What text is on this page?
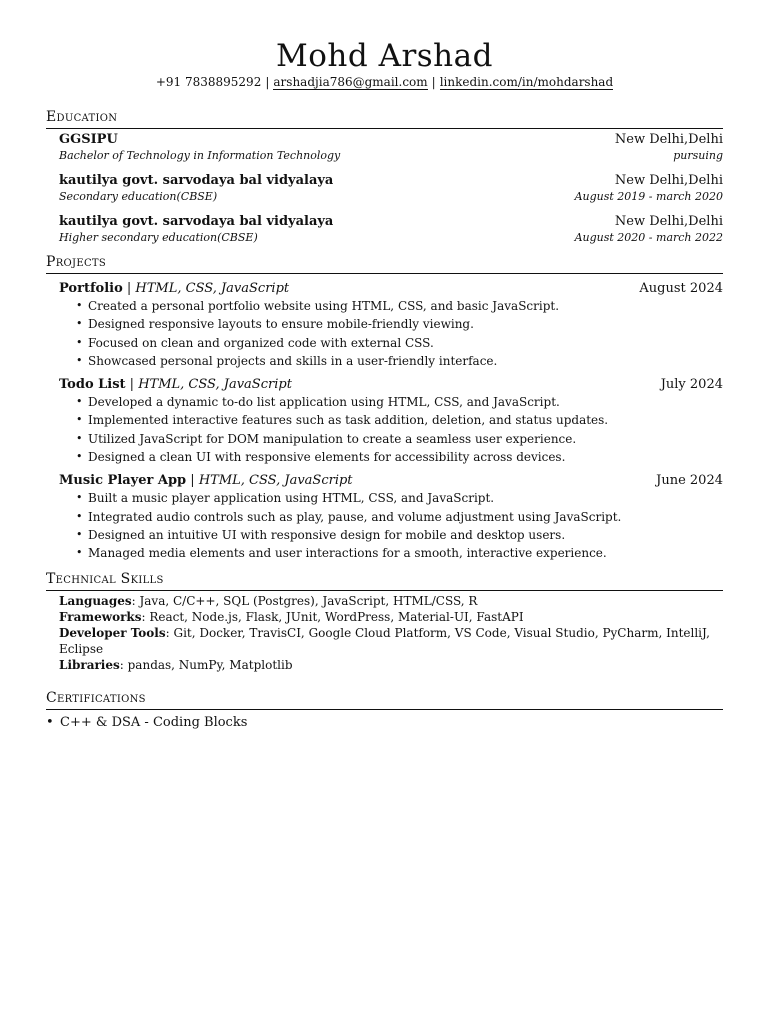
Mohd Arshad
+91 7838895292 | arshadjia786@gmail.com | linkedin.com/in/mohdarshad
Education
GGSIPU	New Delhi,Delhi
Bachelor of Technology in Information Technology	pursuing
kautilya govt. sarvodaya bal vidyalaya	New Delhi,Delhi
Secondary education(CBSE)	August 2019 - march 2020
kautilya govt. sarvodaya bal vidyalaya	New Delhi,Delhi
Higher secondary education(CBSE)	August 2020 - march 2022
Projects
Portfolio | HTML, CSS, JavaScript	August 2024
• Created a personal portfolio website using HTML, CSS, and basic JavaScript.
• Designed responsive layouts to ensure mobile-friendly viewing.
• Focused on clean and organized code with external CSS.
• Showcased personal projects and skills in a user-friendly interface.
Todo List | HTML, CSS, JavaScript	July 2024
• Developed a dynamic to-do list application using HTML, CSS, and JavaScript.
• Implemented interactive features such as task addition, deletion, and status updates.
• Utilized JavaScript for DOM manipulation to create a seamless user experience.
• Designed a clean UI with responsive elements for accessibility across devices.
Music Player App | HTML, CSS, JavaScript	June 2024
• Built a music player application using HTML, CSS, and JavaScript.
• Integrated audio controls such as play, pause, and volume adjustment using JavaScript.
• Designed an intuitive UI with responsive design for mobile and desktop users.
• Managed media elements and user interactions for a smooth, interactive experience.
Technical Skills
Languages: Java, C/C++, SQL (Postgres), JavaScript, HTML/CSS, R
Frameworks: React, Node.js, Flask, JUnit, WordPress, Material-UI, FastAPI
Developer Tools: Git, Docker, TravisCI, Google Cloud Platform, VS Code, Visual Studio, PyCharm, IntelliJ, Eclipse
Libraries: pandas, NumPy, Matplotlib
Certifications
• C++ & DSA - Coding Blocks
